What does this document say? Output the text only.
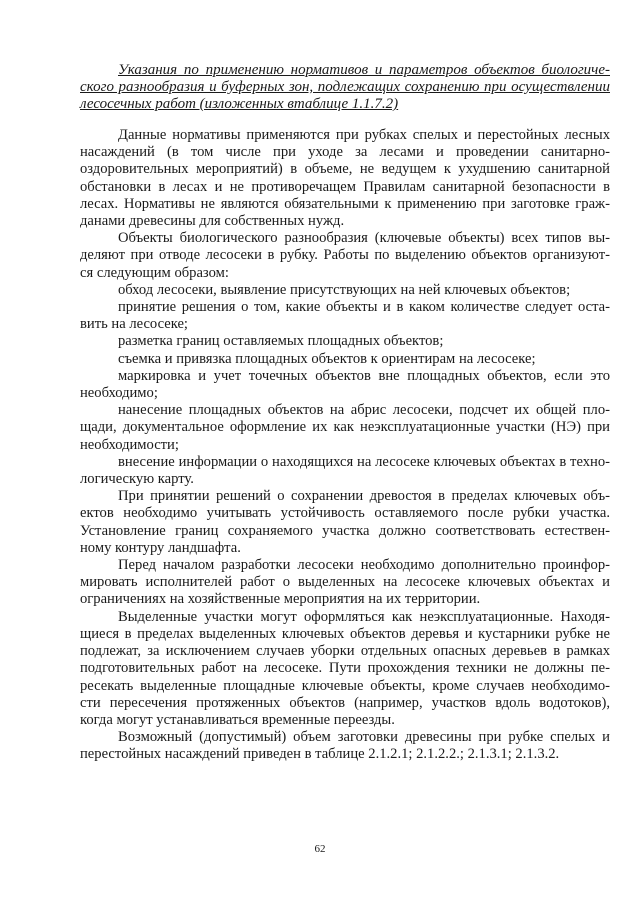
Указания по применению нормативов и параметров объектов биологиче-
ского разнообразия и буферных зон, подлежащих сохранению при осуществлении
лесосечных работ (изложенных втаблице 1.1.7.2)
Данные нормативы применяются при рубках спелых и перестойных лесных
насаждений (в том числе при уходе за лесами и проведении санитарно-
оздоровительных мероприятий) в объеме, не ведущем к ухудшению санитарной
обстановки в лесах и не противоречащем Правилам санитарной безопасности в
лесах. Нормативы не являются обязательными к применению при заготовке граж-
данами древесины для собственных нужд.
Объекты биологического разнообразия (ключевые объекты) всех типов вы-
деляют при отводе лесосеки в рубку. Работы по выделению объектов организуют-
ся следующим образом:
обход лесосеки, выявление присутствующих на ней ключевых объектов;
принятие решения о том, какие объекты и в каком количестве следует оста-
вить на лесосеке;
разметка границ оставляемых площадных объектов;
съемка и привязка площадных объектов к ориентирам на лесосеке;
маркировка и учет точечных объектов вне площадных объектов, если это
необходимо;
нанесение площадных объектов на абрис лесосеки, подсчет их общей пло-
щади, документальное оформление их как неэксплуатационные участки (НЭ) при
необходимости;
внесение информации о находящихся на лесосеке ключевых объектах в техно-
логическую карту.
При принятии решений о сохранении древостоя в пределах ключевых объ-
ектов необходимо учитывать устойчивость оставляемого после рубки участка.
Установление границ сохраняемого участка должно соответствовать естествен-
ному контуру ландшафта.
Перед началом разработки лесосеки необходимо дополнительно проинфор-
мировать исполнителей работ о выделенных на лесосеке ключевых объектах и
ограничениях на хозяйственные мероприятия на их территории.
Выделенные участки могут оформляться как неэксплуатационные. Находя-
щиеся в пределах выделенных ключевых объектов деревья и кустарники рубке не
подлежат, за исключением случаев уборки отдельных опасных деревьев в рамках
подготовительных работ на лесосеке. Пути прохождения техники не должны пе-
ресекать выделенные площадные ключевые объекты, кроме случаев необходимо-
сти пересечения протяженных объектов (например, участков вдоль водотоков),
когда могут устанавливаться временные переезды.
Возможный (допустимый) объем заготовки древесины при рубке спелых и
перестойных насаждений приведен в таблице 2.1.2.1; 2.1.2.2.; 2.1.3.1; 2.1.3.2.
62
